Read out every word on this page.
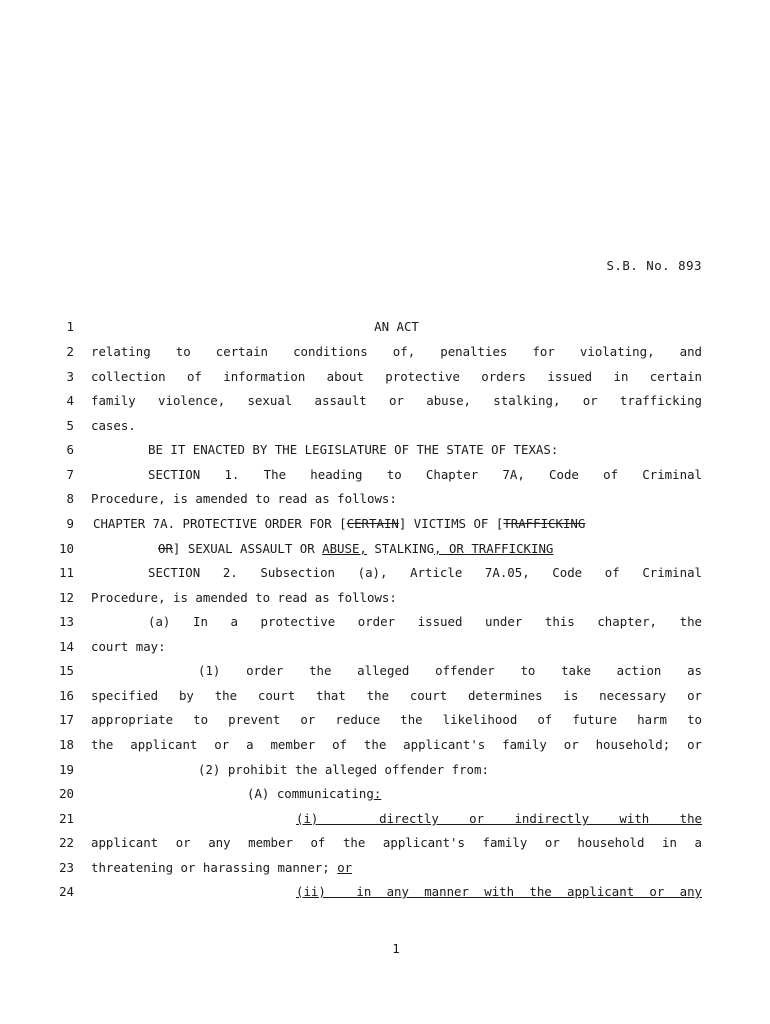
S.B. No. 893
1	AN ACT
2 relating to certain conditions of, penalties for violating, and
3 collection of information about protective orders issued in certain
4 family violence, sexual assault or abuse, stalking, or trafficking
5 cases.
6	BE IT ENACTED BY THE LEGISLATURE OF THE STATE OF TEXAS:
7	SECTION 1. The heading to Chapter 7A, Code of Criminal
8 Procedure, is amended to read as follows:
9 CHAPTER 7A. PROTECTIVE ORDER FOR [CERTAIN] VICTIMS OF [TRAFFICKING
10	OR] SEXUAL ASSAULT OR ABUSE, STALKING, OR TRAFFICKING
11	SECTION 2. Subsection (a), Article 7A.05, Code of Criminal
12 Procedure, is amended to read as follows:
13	(a) In a protective order issued under this chapter, the
14 court may:
15	(1) order the alleged offender to take action as
16 specified by the court that the court determines is necessary or
17 appropriate to prevent or reduce the likelihood of future harm to
18 the applicant or a member of the applicant's family or household; or
19	(2) prohibit the alleged offender from:
20	(A) communicating:
21	(i) directly or indirectly with the
22 applicant or any member of the applicant's family or household in a
23 threatening or harassing manner; or
24	(ii)  in any manner with the applicant or any
1
